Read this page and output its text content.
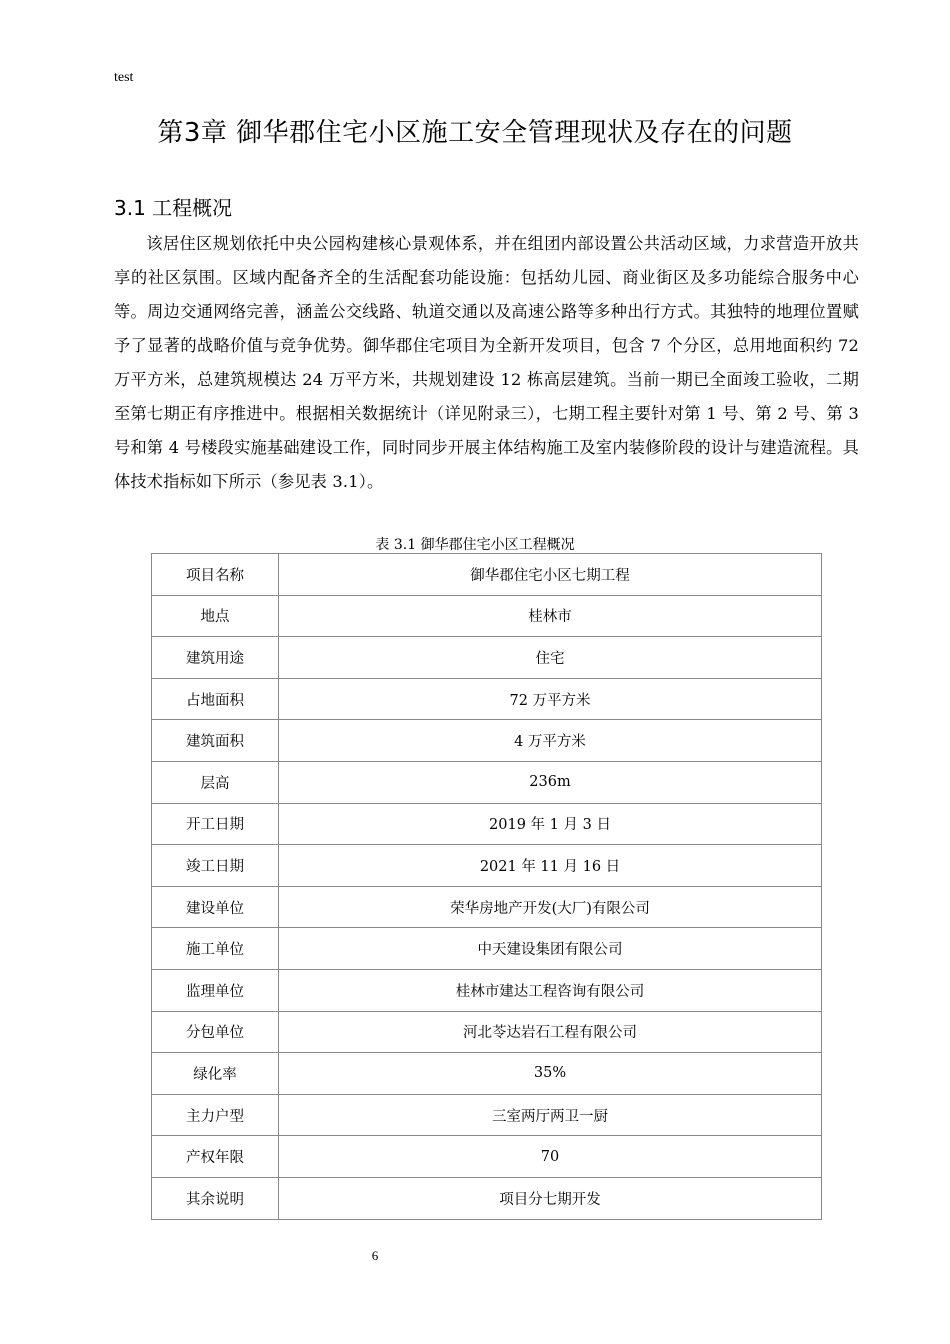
test
第3章 御华郡住宅小区施工安全管理现状及存在的问题
3.1 工程概况

该居住区规划依托中央公园构建核心景观体系，并在组团内部设置公共活动区域，力求营造开放共享的社区氛围。区域内配备齐全的生活配套功能设施：包括幼儿园、商业街区及多功能综合服务中心等。周边交通网络完善，涵盖公交线路、轨道交通以及高速公路等多种出行方式。其独特的地理位置赋予了显著的战略价值与竞争优势。御华郡住宅项目为全新开发项目，包含 7 个分区，总用地面积约 72 万平方米，总建筑规模达 24 万平方米，共规划建设 12 栋高层建筑。当前一期已全面竣工验收，二期至第七期正有序推进中。根据相关数据统计（详见附录三），七期工程主要针对第 1 号、第 2 号、第 3 号和第 4 号楼段实施基础建设工作，同时同步开展主体结构施工及室内装修阶段的设计与建造流程。具体技术指标如下所示（参见表 3.1）。

表 3.1 御华郡住宅小区工程概况
项目名称	御华郡住宅小区七期工程
地点	桂林市
建筑用途	住宅
占地面积	72 万平方米
建筑面积	4 万平方米
层高	236m
开工日期	2019 年 1 月 3 日
竣工日期	2021 年 11 月 16 日
建设单位	荣华房地产开发(大厂)有限公司
施工单位	中天建设集团有限公司
监理单位	桂林市建达工程咨询有限公司
分包单位	河北苓达岩石工程有限公司
绿化率	35%
主力户型	三室两厅两卫一厨
产权年限	70
其余说明	项目分七期开发
6
